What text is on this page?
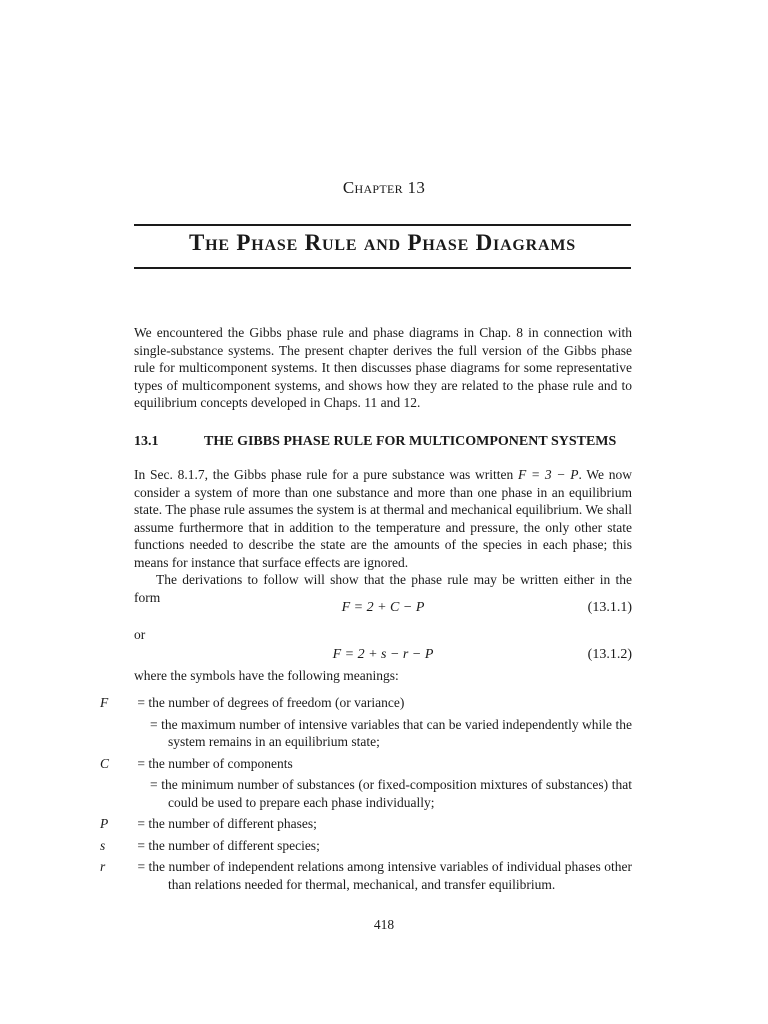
Chapter 13
The Phase Rule and Phase Diagrams

We encountered the Gibbs phase rule and phase diagrams in Chap. 8 in connection with single-substance systems. The present chapter derives the full version of the Gibbs phase rule for multicomponent systems. It then discusses phase diagrams for some representative types of multicomponent systems, and shows how they are related to the phase rule and to equilibrium concepts developed in Chaps. 11 and 12.

13.1	THE GIBBS PHASE RULE FOR MULTICOMPONENT SYSTEMS

In Sec. 8.1.7, the Gibbs phase rule for a pure substance was written F = 3 − P. We now consider a system of more than one substance and more than one phase in an equilibrium state. The phase rule assumes the system is at thermal and mechanical equilibrium. We shall assume furthermore that in addition to the temperature and pressure, the only other state functions needed to describe the state are the amounts of the species in each phase; this means for instance that surface effects are ignored.

The derivations to follow will show that the phase rule may be written either in the form

F = 2 + C − P	(13.1.1)
or
F = 2 + s − r − P	(13.1.2)
where the symbols have the following meanings:
F = the number of degrees of freedom (or variance)
= the maximum number of intensive variables that can be varied independently while the system remains in an equilibrium state;
C = the number of components
= the minimum number of substances (or fixed-composition mixtures of substances) that could be used to prepare each phase individually;
P = the number of different phases;
s = the number of different species;
r = the number of independent relations among intensive variables of individual phases other than relations needed for thermal, mechanical, and transfer equilibrium.
418
